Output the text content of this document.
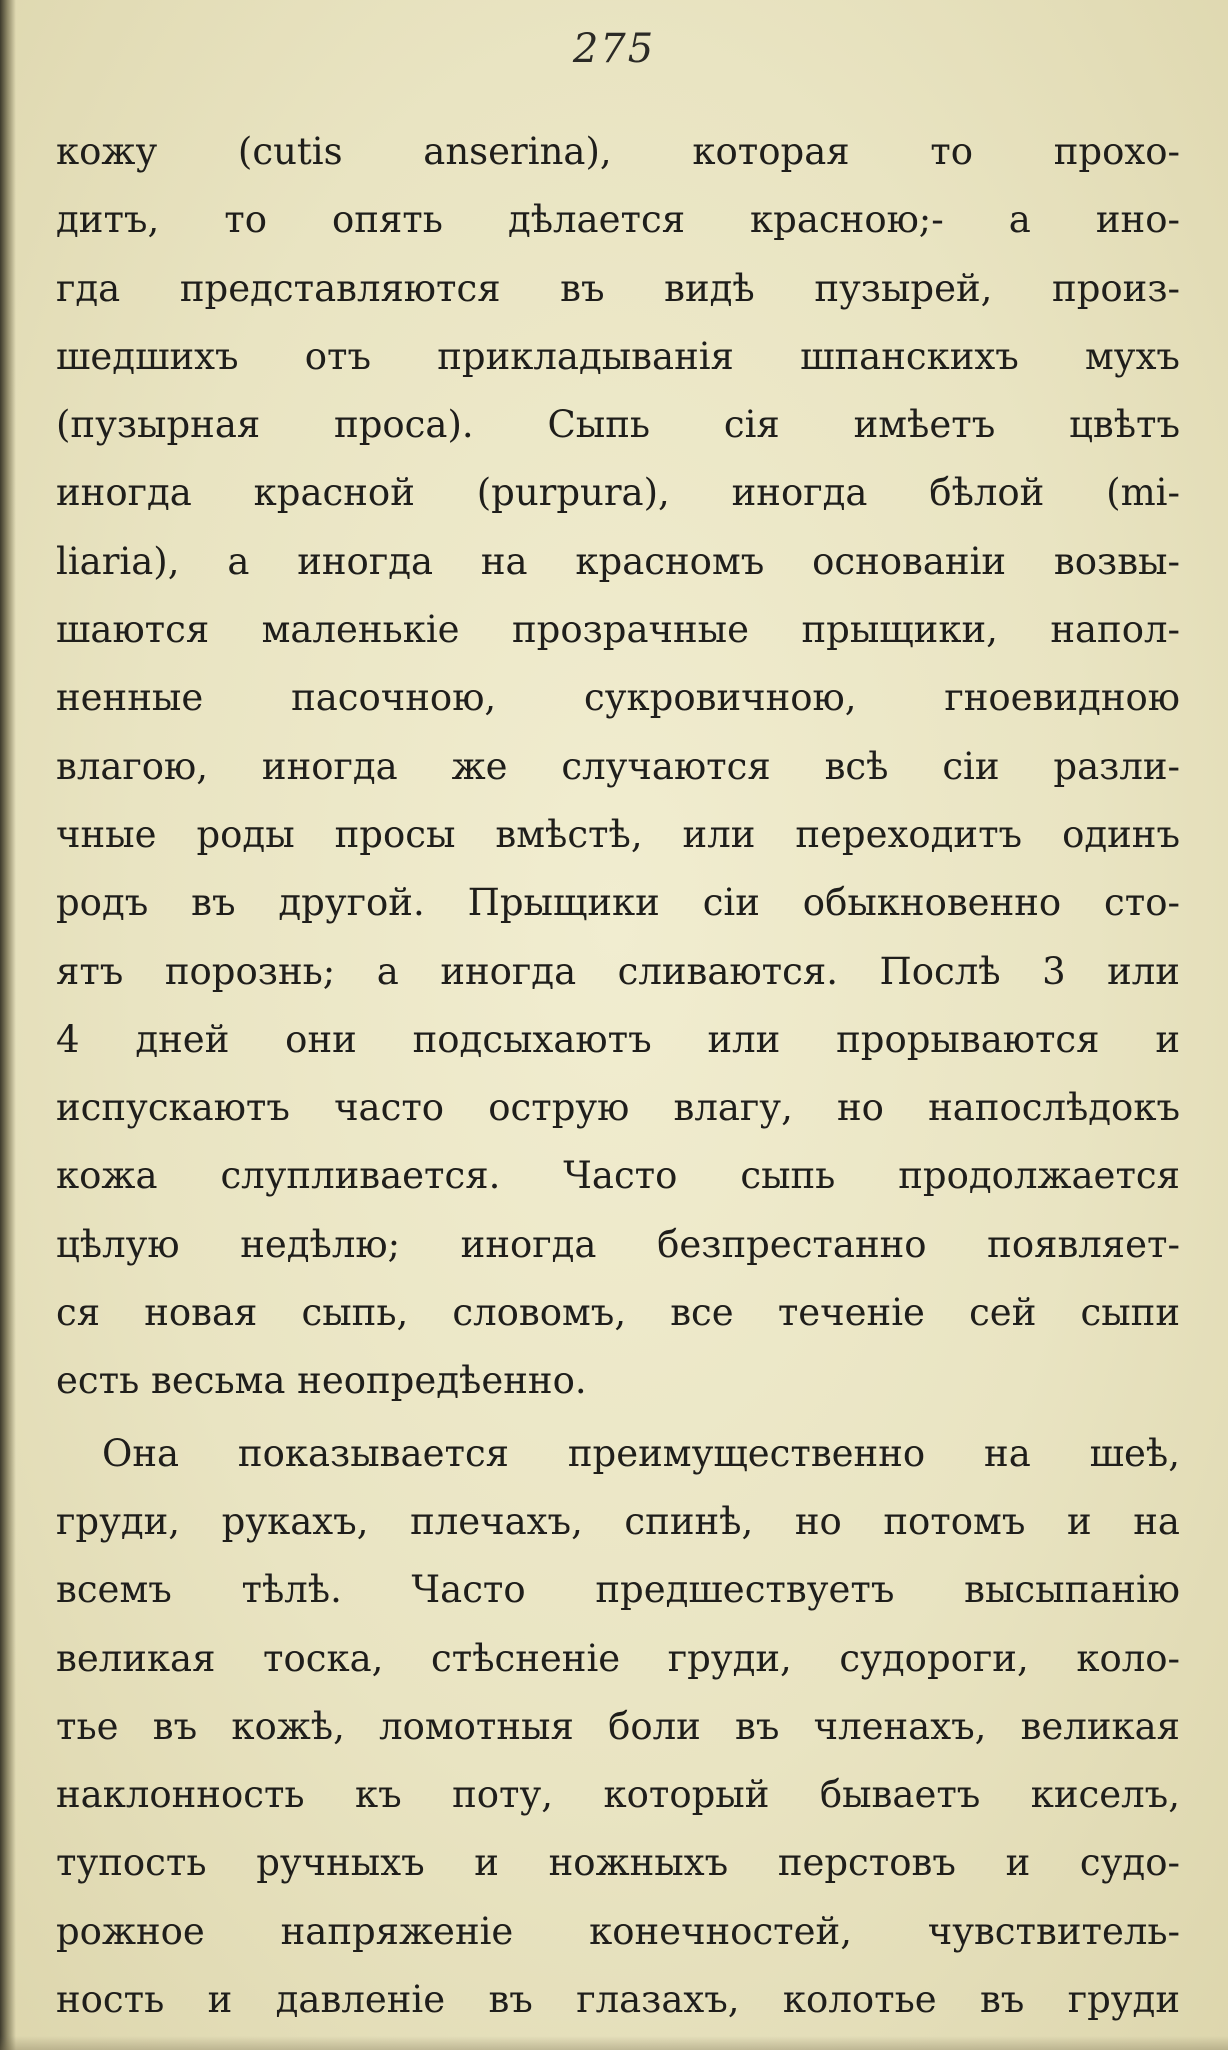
275
кожу (cutis anserina), которая то прохо-
дитъ, то опять дѣлается красною;- а ино-
гда представляются въ видѣ пузырей, произ-
шедшихъ отъ прикладыванія шпанскихъ мухъ
(пузырная проса). Сыпь сія имѣетъ цвѣтъ
иногда красной (purpura), иногда бѣлой (mi-
liaria), а иногда на красномъ основаніи возвы-
шаются маленькіе прозрачные прыщики, напол-
ненные пасочною, сукровичною, гноевидною
влагою, иногда же случаются всѣ сіи разли-
чные роды просы вмѣстѣ, или переходитъ одинъ
родъ въ другой. Прыщики сіи обыкновенно сто-
ятъ порознь; а иногда сливаются. Послѣ 3 или
4 дней они подсыхаютъ или прорываются и
испускаютъ часто острую влагу, но напослѣдокъ
кожа слупливается. Часто сыпь продолжается
цѣлую недѣлю; иногда безпрестанно появляет-
ся новая сыпь, словомъ, все теченіе сей сыпи
есть весьма неопредѣенно.
Она показывается преимущественно на шеѣ,
груди, рукахъ, плечахъ, спинѣ, но потомъ и на
всемъ тѣлѣ. Часто предшествуетъ высыпанію
великая тоска, стѣсненіе груди, судороги, коло-
тье въ кожѣ, ломотныя боли въ членахъ, великая
наклонность къ поту, который бываетъ киселъ,
тупость ручныхъ и ножныхъ перстовъ и судо-
рожное напряженіе конечностей, чувствитель-
ность и давленіе въ глазахъ, колотье въ груди
